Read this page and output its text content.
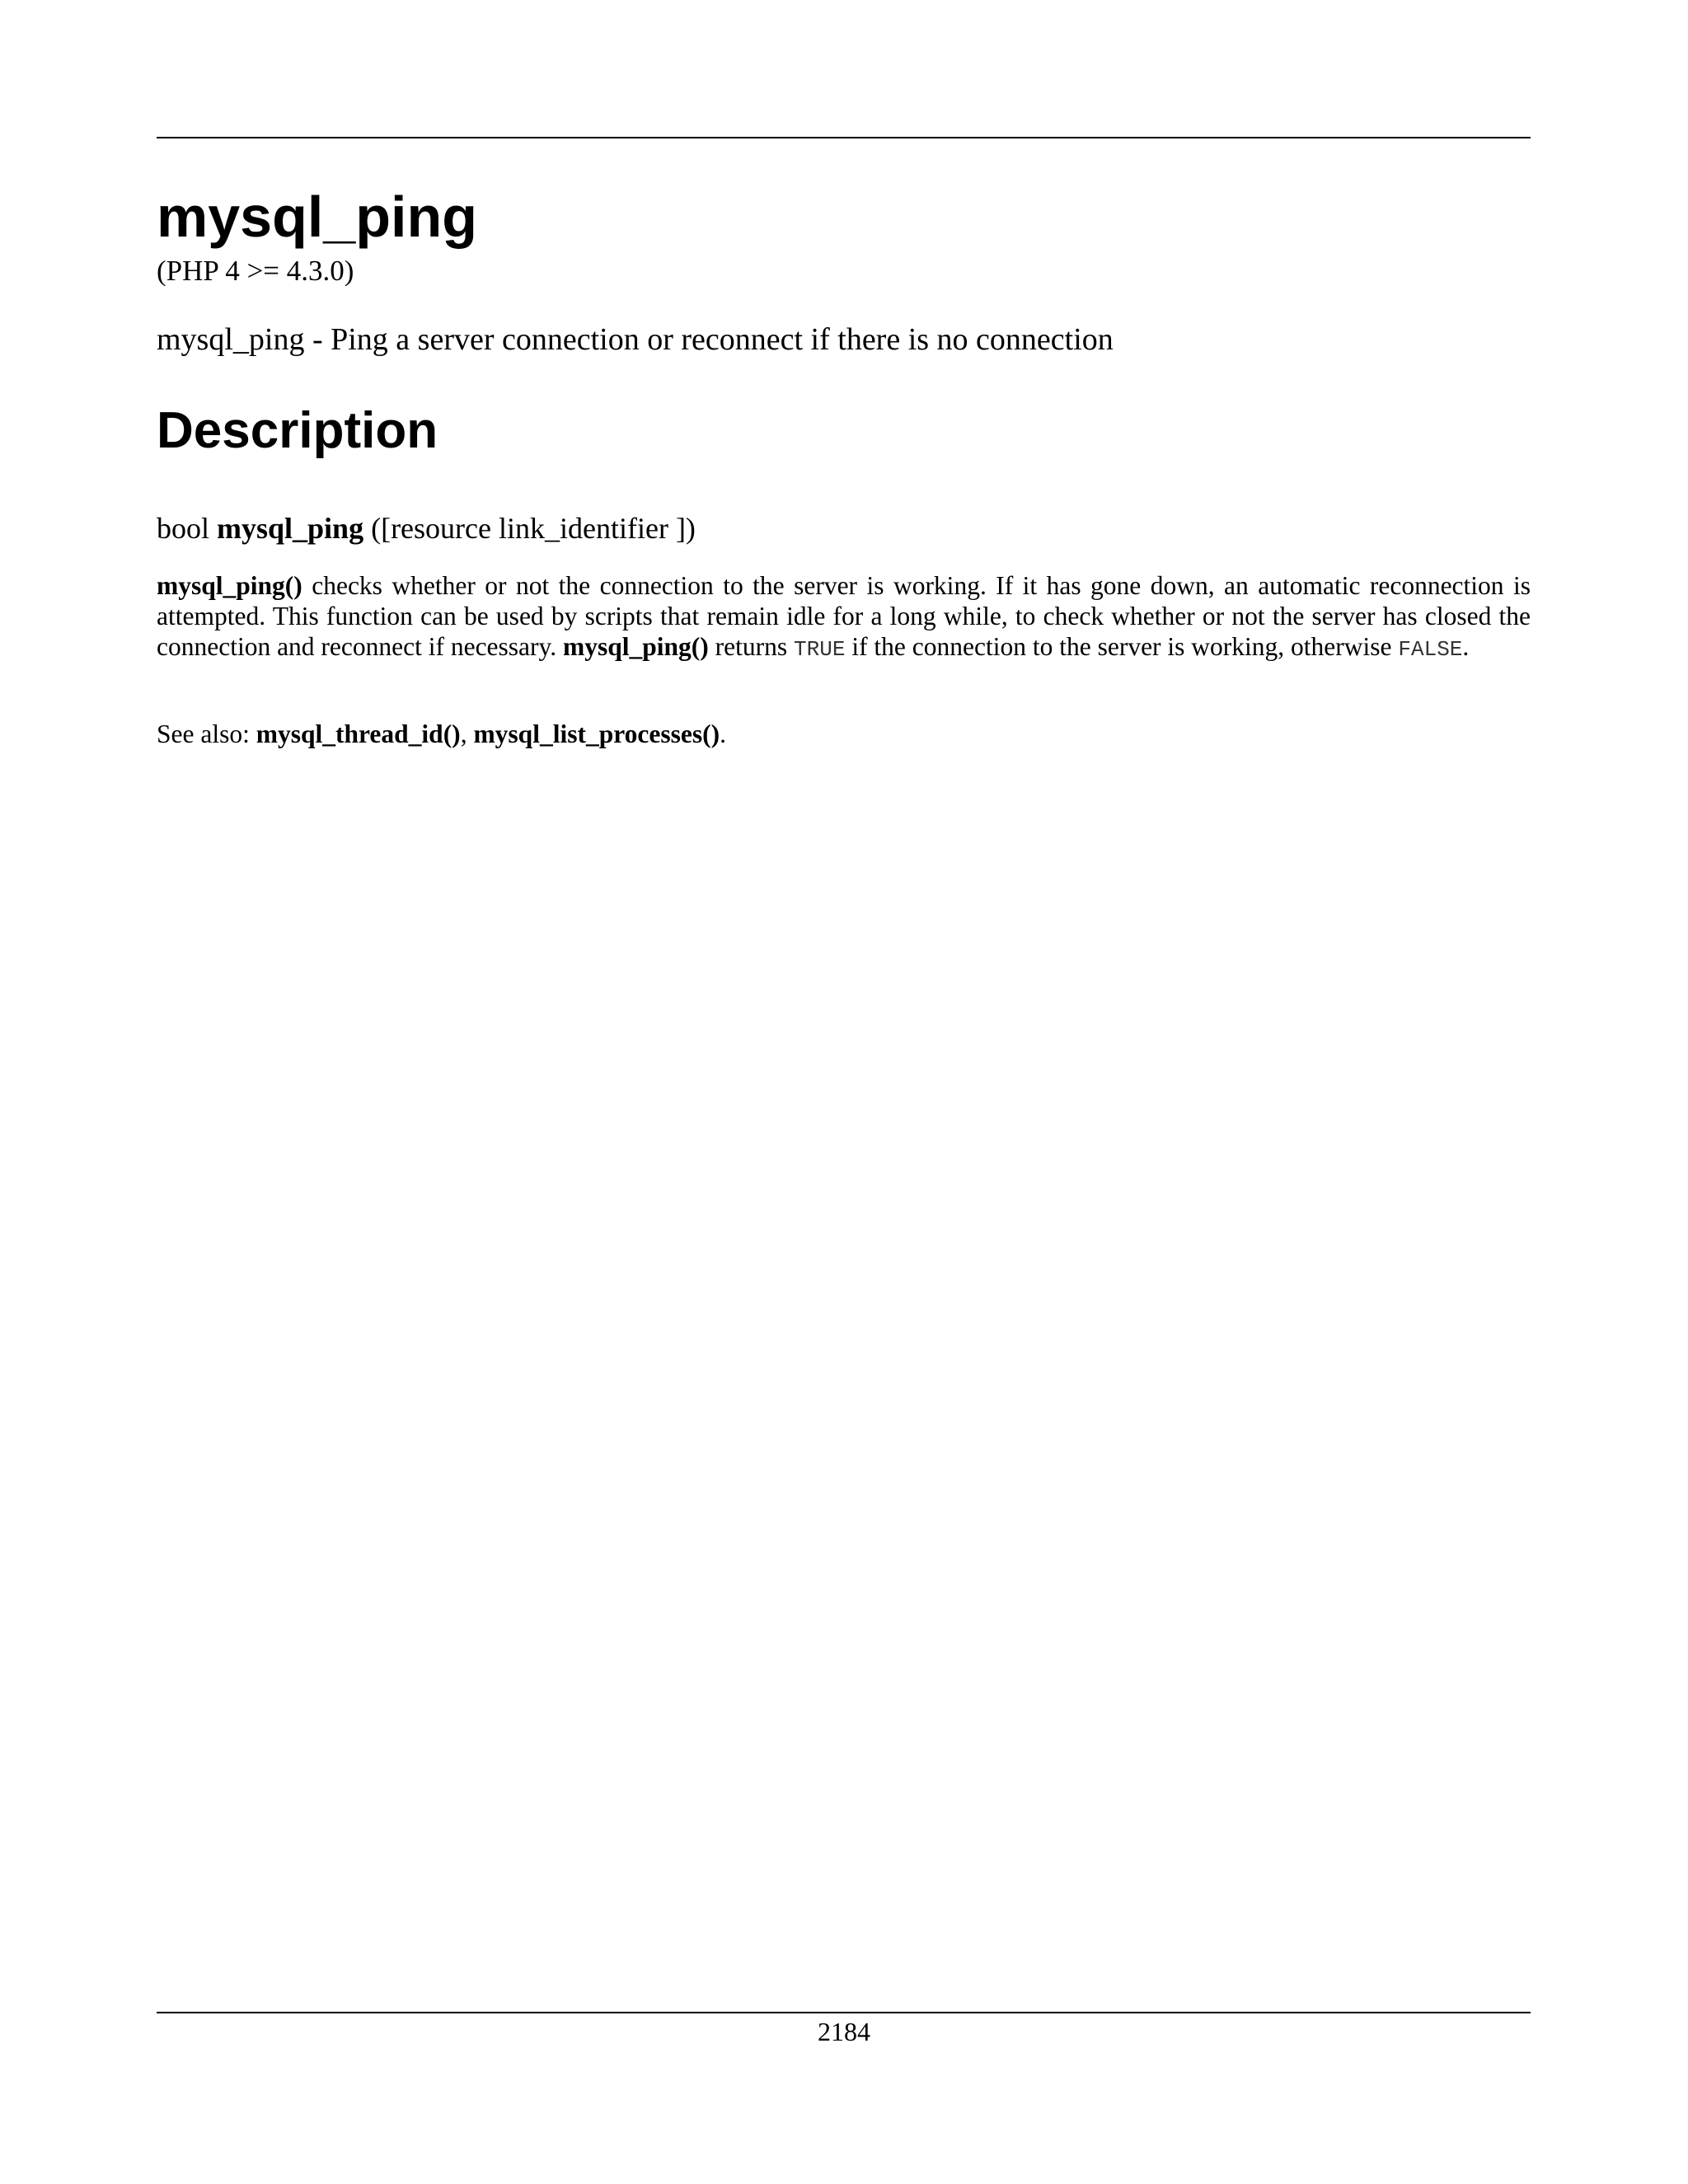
mysql_ping
(PHP 4 >= 4.3.0)
mysql_ping - Ping a server connection or reconnect if there is no connection
Description
bool mysql_ping ([resource link_identifier ])

mysql_ping() checks whether or not the connection to the server is working. If it has gone down, an automatic reconnection is attempted. This function can be used by scripts that remain idle for a long while, to check whether or not the server has closed the connection and reconnect if necessary. mysql_ping() returns TRUE if the connection to the server is working, otherwise FALSE.

See also: mysql_thread_id(), mysql_list_processes().

2184
